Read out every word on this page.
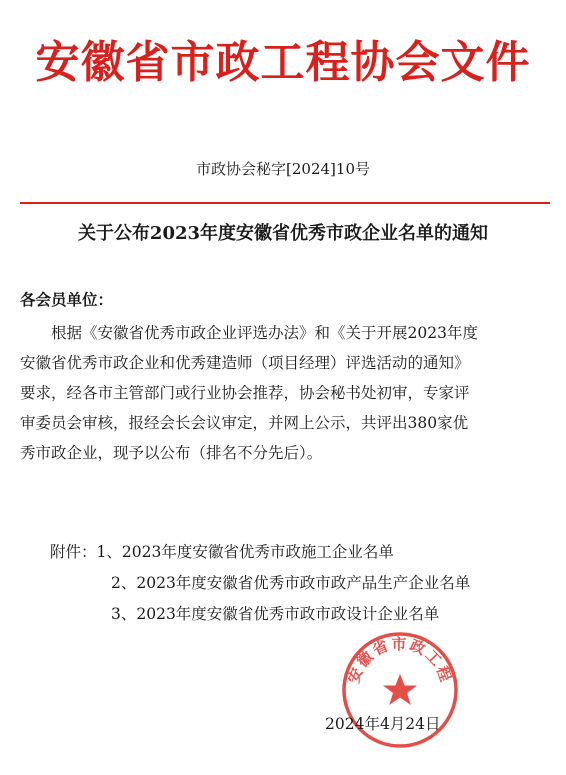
安徽省市政工程协会文件
市政协会秘字[2024]10号
关于公布2023年度安徽省优秀市政企业名单的通知
各会员单位：
根据《安徽省优秀市政企业评选办法》和《关于开展2023年度
安徽省优秀市政企业和优秀建造师（项目经理）评选活动的通知》
要求，经各市主管部门或行业协会推荐，协会秘书处初审，专家评
审委员会审核，报经会长会议审定，并网上公示，共评出380家优
秀市政企业，现予以公布（排名不分先后）。
附件：1、2023年度安徽省优秀市政施工企业名单
2、2023年度安徽省优秀市政市政产品生产企业名单
3、2023年度安徽省优秀市政市政设计企业名单
安徽省市政工程
2024年4月24日
